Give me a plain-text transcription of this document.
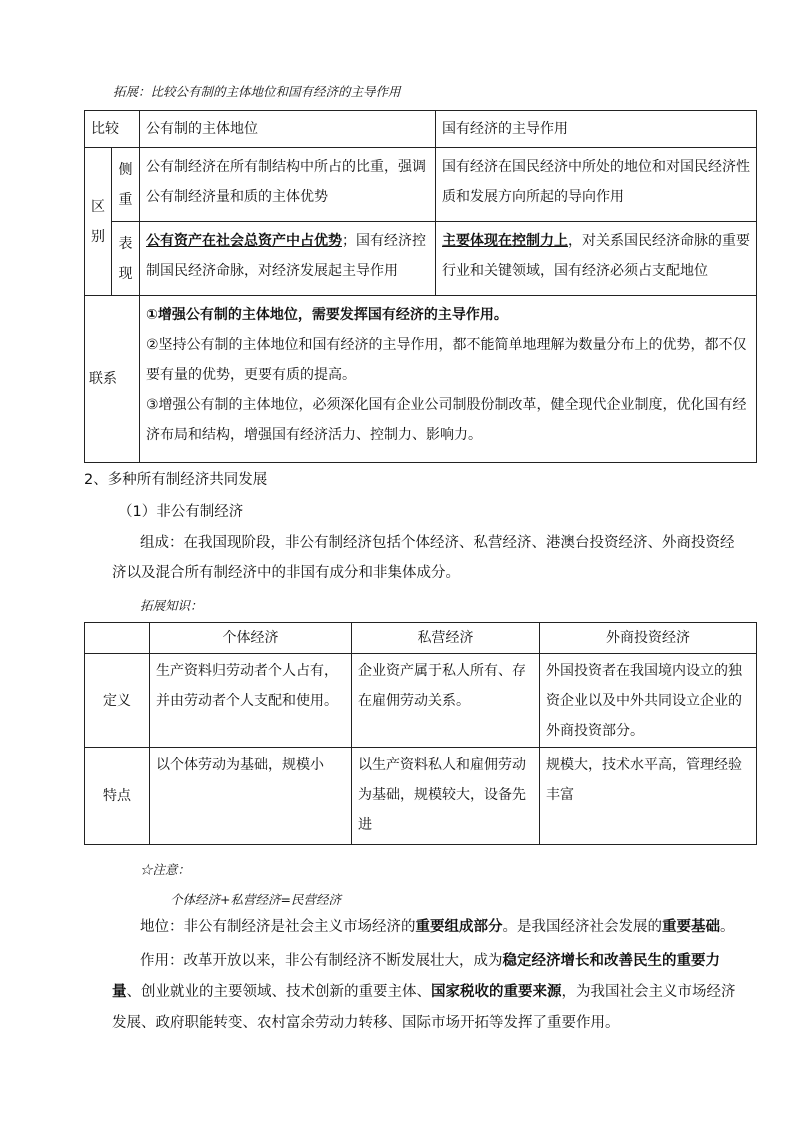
拓展：比较公有制的主体地位和国有经济的主导作用
比较		公有制的主体地位	国有经济的主导作用

区别	侧重	公有制经济在所有制结构中所占的比重，强调公有制经济量和质的主体优势	国有经济在国民经济中所处的地位和对国民经济性质和发展方向所起的导向作用

	表现	公有资产在社会总资产中占优势；国有经济控制国民经济命脉，对经济发展起主导作用	主要体现在控制力上，对关系国民经济命脉的重要行业和关键领域，国有经济必须占支配地位
联系		①增强公有制的主体地位，需要发挥国有经济的主导作用。
②坚持公有制的主体地位和国有经济的主导作用，都不能简单地理解为数量分布上的优势，都不仅要有量的优势，更要有质的提高。
③增强公有制的主体地位，必须深化国有企业公司制股份制改革，健全现代企业制度，优化国有经济布局和结构，增强国有经济活力、控制力、影响力。	
2、多种所有制经济共同发展
（1）非公有制经济
组成：在我国现阶段，非公有制经济包括个体经济、私营经济、港澳台投资经济、外商投资经济以及混合所有制经济中的非国有成分和非集体成分。
拓展知识：
	个体经济	私营经济	外商投资经济
定义	生产资料归劳动者个人占有，并由劳动者个人支配和使用。	企业资产属于私人所有、存在雇佣劳动关系。	外国投资者在我国境内设立的独资企业以及中外共同设立企业的外商投资部分。
特点	以个体劳动为基础，规模小	以生产资料私人和雇佣劳动为基础，规模较大，设备先进	规模大，技术水平高，管理经验丰富
☆注意：
个体经济+私营经济=民营经济
地位：非公有制经济是社会主义市场经济的重要组成部分。是我国经济社会发展的重要基础。
作用：改革开放以来，非公有制经济不断发展壮大，成为稳定经济增长和改善民生的重要力量、创业就业的主要领域、技术创新的重要主体、国家税收的重要来源，为我国社会主义市场经济发展、政府职能转变、农村富余劳动力转移、国际市场开拓等发挥了重要作用。
